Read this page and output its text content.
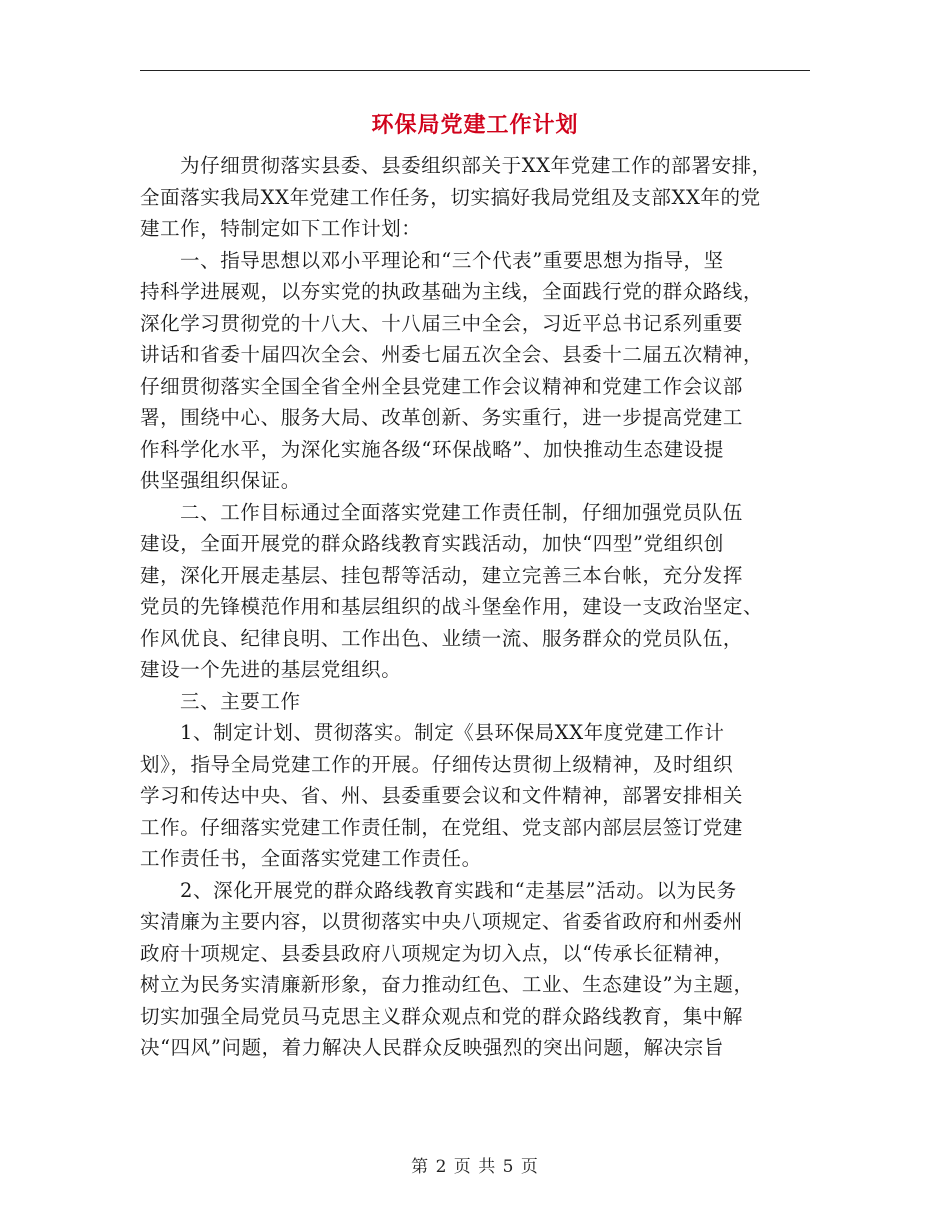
环保局党建工作计划
为仔细贯彻落实县委、县委组织部关于XX年党建工作的部署安排，
全面落实我局XX年党建工作任务，切实搞好我局党组及支部XX年的党
建工作，特制定如下工作计划：
一、指导思想以邓小平理论和“三个代表”重要思想为指导，坚
持科学进展观，以夯实党的执政基础为主线，全面践行党的群众路线，
深化学习贯彻党的十八大、十八届三中全会，习近平总书记系列重要
讲话和省委十届四次全会、州委七届五次全会、县委十二届五次精神，
仔细贯彻落实全国全省全州全县党建工作会议精神和党建工作会议部
署，围绕中心、服务大局、改革创新、务实重行，进一步提高党建工
作科学化水平，为深化实施各级“环保战略”、加快推动生态建设提
供坚强组织保证。
二、工作目标通过全面落实党建工作责任制，仔细加强党员队伍
建设，全面开展党的群众路线教育实践活动，加快“四型”党组织创
建，深化开展走基层、挂包帮等活动，建立完善三本台帐，充分发挥
党员的先锋模范作用和基层组织的战斗堡垒作用，建设一支政治坚定、
作风优良、纪律良明、工作出色、业绩一流、服务群众的党员队伍，
建设一个先进的基层党组织。
三、主要工作
1、制定计划、贯彻落实。制定《县环保局XX年度党建工作计
划》，指导全局党建工作的开展。仔细传达贯彻上级精神，及时组织
学习和传达中央、省、州、县委重要会议和文件精神，部署安排相关
工作。仔细落实党建工作责任制，在党组、党支部内部层层签订党建
工作责任书，全面落实党建工作责任。
2、深化开展党的群众路线教育实践和“走基层”活动。以为民务
实清廉为主要内容，以贯彻落实中央八项规定、省委省政府和州委州
政府十项规定、县委县政府八项规定为切入点，以“传承长征精神，
树立为民务实清廉新形象，奋力推动红色、工业、生态建设”为主题，
切实加强全局党员马克思主义群众观点和党的群众路线教育，集中解
决“四风”问题，着力解决人民群众反映强烈的突出问题，解决宗旨
第 2 页 共 5 页
